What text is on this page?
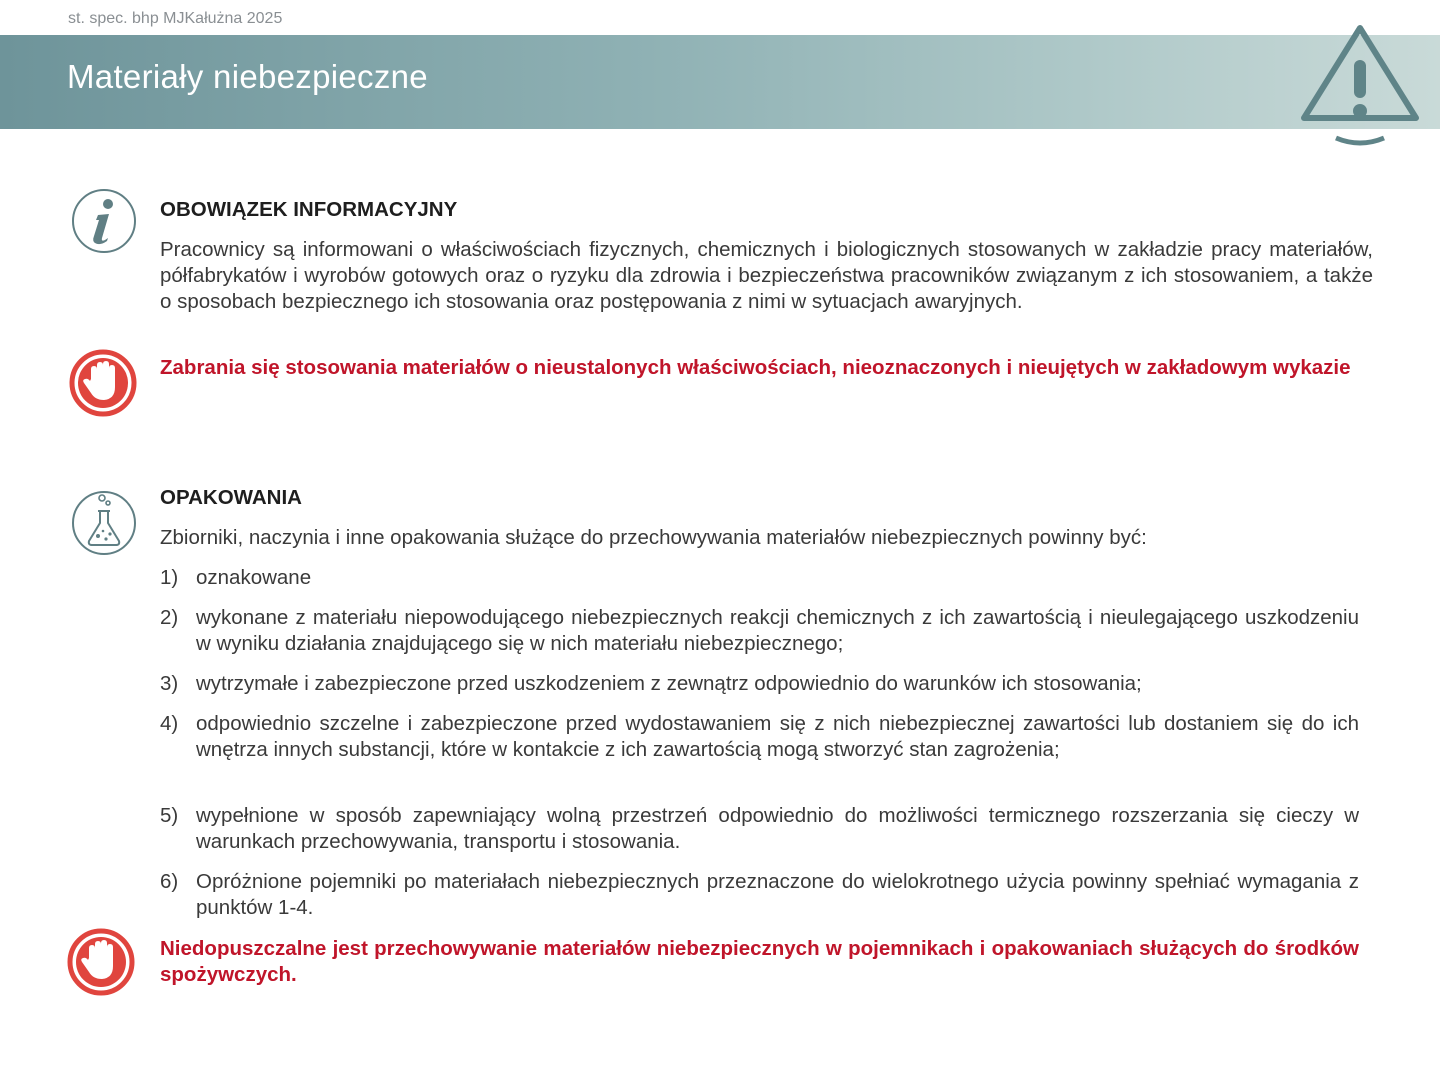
st. spec. bhp MJKałużna 2025
Materiały niebezpieczne
OBOWIĄZEK INFORMACYJNY

Pracownicy są informowani o właściwościach fizycznych, chemicznych i biologicznych stosowanych w zakładzie pracy materiałów, półfabrykatów i wyrobów gotowych oraz o ryzyku dla zdrowia i bezpieczeństwa pracowników związanym z ich stosowaniem, a także o sposobach bezpiecznego ich stosowania oraz postępowania z nimi w sytuacjach awaryjnych.

Zabrania się stosowania materiałów o nieustalonych właściwościach, nieoznaczonych i nieujętych w zakładowym wykazie

OPAKOWANIA

Zbiorniki, naczynia i inne opakowania służące do przechowywania materiałów niebezpiecznych powinny być:

1) oznakowane
2) wykonane z materiału niepowodującego niebezpiecznych reakcji chemicznych z ich zawartością i nieulegającego uszkodzeniu w wyniku działania znajdującego się w nich materiału niebezpiecznego;
3) wytrzymałe i zabezpieczone przed uszkodzeniem z zewnątrz odpowiednio do warunków ich stosowania;
4) odpowiednio szczelne i zabezpieczone przed wydostawaniem się z nich niebezpiecznej zawartości lub dostaniem się do ich wnętrza innych substancji, które w kontakcie z ich zawartością mogą stworzyć stan zagrożenia;
5) wypełnione w sposób zapewniający wolną przestrzeń odpowiednio do możliwości termicznego rozszerzania się cieczy w warunkach przechowywania, transportu i stosowania.
6) Opróżnione pojemniki po materiałach niebezpiecznych przeznaczone do wielokrotnego użycia powinny spełniać wymagania z punktów 1-4.

Niedopuszczalne jest przechowywanie materiałów niebezpiecznych w pojemnikach i opakowaniach służących do środków spożywczych.
